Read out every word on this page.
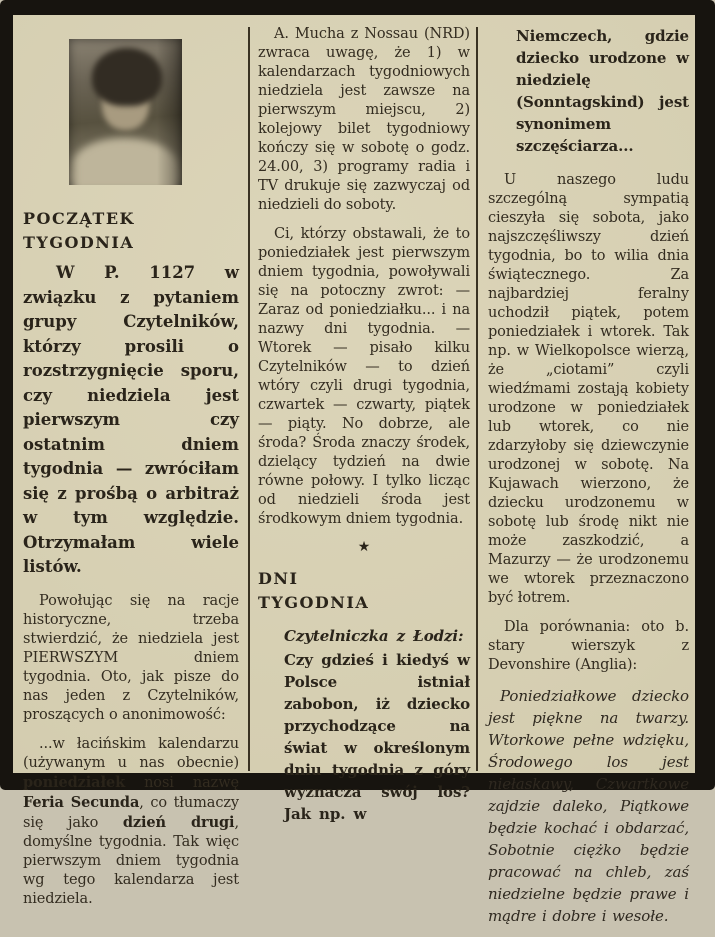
POCZĄTEK
TYGODNIA

W P. 1127 w związku z pytaniem grupy Czytelników, którzy prosili o rozstrzygnięcie sporu, czy niedziela jest pierwszym czy ostatnim dniem tygodnia — zwróciłam się z prośbą o arbitraż w tym względzie. Otrzymałam wiele listów.

Powołując się na racje historyczne, trzeba stwierdzić, że niedziela jest PIERWSZYM dniem tygodnia. Oto, jak pisze do nas jeden z Czytelników, proszących o anonimowość:

...w łacińskim kalendarzu (używanym u nas obecnie) poniedziałek nosi nazwę Feria Secunda, co tłumaczy się jako dzień drugi, domyślne tygodnia. Tak więc pierwszym dniem tygodnia wg tego kalendarza jest niedziela.

A. Mucha z Nossau (NRD) zwraca uwagę, że 1) w kalendarzach tygodniowych niedziela jest zawsze na pierwszym miejscu, 2) kolejowy bilet tygodniowy kończy się w sobotę o godz. 24.00, 3) programy radia i TV drukuje się zazwyczaj od niedzieli do soboty.

Ci, którzy obstawali, że to poniedziałek jest pierwszym dniem tygodnia, powoływali się na potoczny zwrot: — Zaraz od poniedziałku... i na nazwy dni tygodnia. — Wtorek — pisało kilku Czytelników — to dzień wtóry czyli drugi tygodnia, czwartek — czwarty, piątek — piąty. No dobrze, ale środa? Środa znaczy środek, dzielący tydzień na dwie równe połowy. I tylko licząc od niedzieli środa jest środkowym dniem tygodnia.

★
DNI
TYGODNIA

Czytelniczka z Łodzi:

Czy gdzieś i kiedyś w Polsce istniał zabobon, iż dziecko przychodzące na świat w określonym dniu tygodnia z góry wyznacza swój los? Jak np. w

Niemczech, gdzie dziecko urodzone w niedzielę (Sonntagskind) jest synonimem szczęściarza...

U naszego ludu szczególną sympatią cieszyła się sobota, jako najszczęśliwszy dzień tygodnia, bo to wilia dnia świątecznego. Za najbardziej feralny uchodził piątek, potem poniedziałek i wtorek. Tak np. w Wielkopolsce wierzą, że „ciotami” czyli wiedźmami zostają kobiety urodzone w poniedziałek lub wtorek, co nie zdarzyłoby się dziewczynie urodzonej w sobotę. Na Kujawach wierzono, że dziecku urodzonemu w sobotę lub środę nikt nie może zaszkodzić, a Mazurzy — że urodzonemu we wtorek przeznaczono być łotrem.

Dla porównania: oto b. stary wierszyk z Devonshire (Anglia):

Poniedziałkowe dziecko jest piękne na twarzy. Wtorkowe pełne wdzięku, Środowego los jest niełaskawy, Czwartkowe zajdzie daleko, Piątkowe będzie kochać i obdarzać, Sobotnie ciężko będzie pracować na chleb, zaś niedzielne będzie prawe i mądre i dobre i wesołe.
